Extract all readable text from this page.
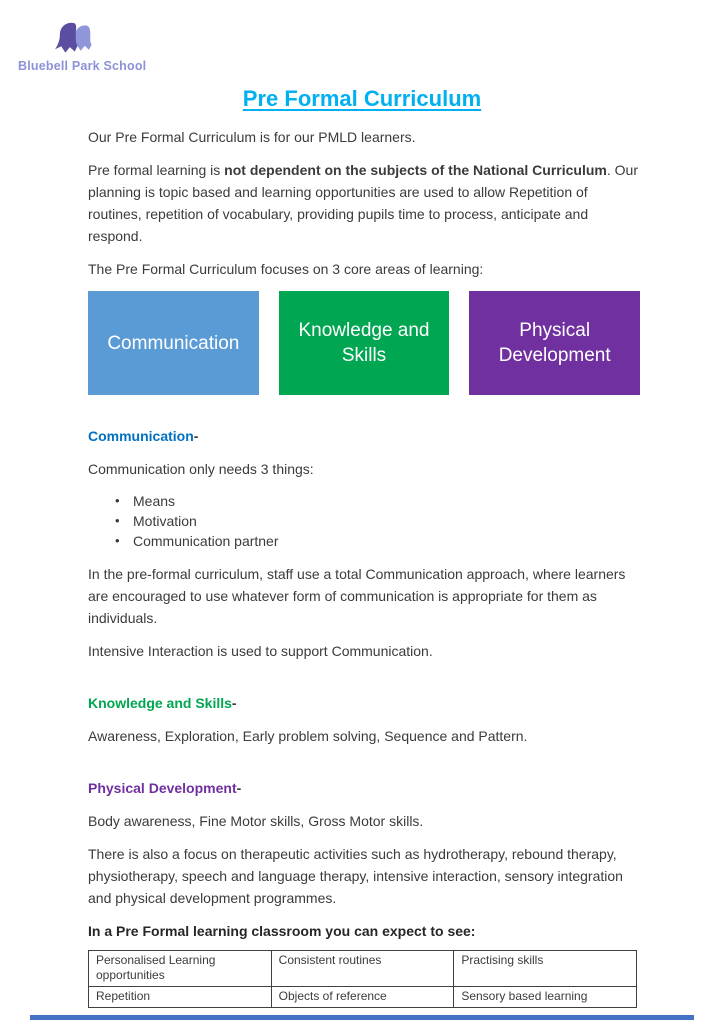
Bluebell Park School
Pre Formal Curriculum

Our Pre Formal Curriculum is for our PMLD learners.

Pre formal learning is not dependent on the subjects of the National Curriculum. Our planning is topic based and learning opportunities are used to allow Repetition of routines, repetition of vocabulary, providing pupils time to process, anticipate and respond.

The Pre Formal Curriculum focuses on 3 core areas of learning:

Communication
Knowledge and Skills
Physical Development
Communication-

Communication only needs 3 things:

• Means
• Motivation
• Communication partner

In the pre-formal curriculum, staff use a total Communication approach, where learners are encouraged to use whatever form of communication is appropriate for them as individuals.

Intensive Interaction is used to support Communication.

Knowledge and Skills-

Awareness, Exploration, Early problem solving, Sequence and Pattern.

Physical Development-

Body awareness, Fine Motor skills, Gross Motor skills.

There is also a focus on therapeutic activities such as hydrotherapy, rebound therapy, physiotherapy, speech and language therapy, intensive interaction, sensory integration and physical development programmes.

In a Pre Formal learning classroom you can expect to see:
Personalised Learning opportunities	Consistent routines	Practising skills
Repetition	Objects of reference	Sensory based learning
